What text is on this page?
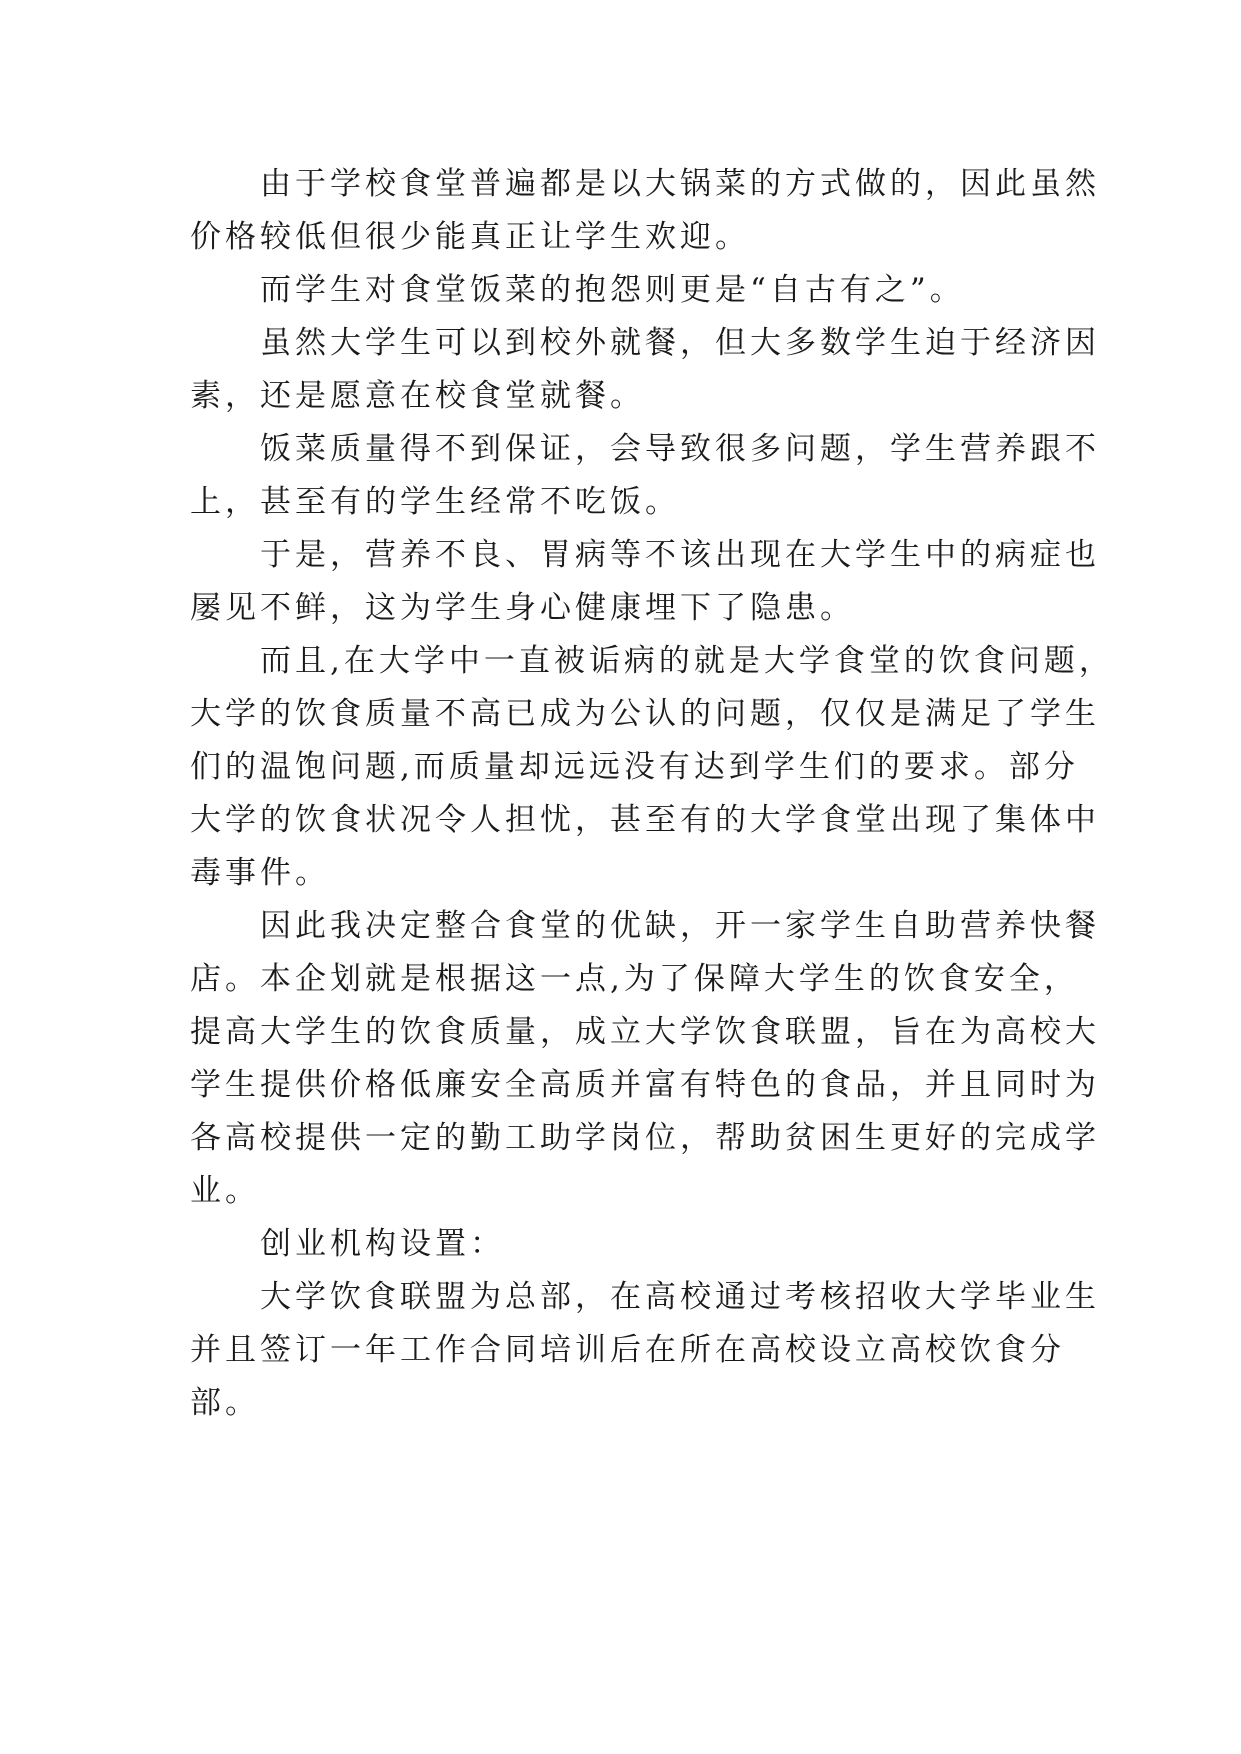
由于学校食堂普遍都是以大锅菜的方式做的，因此虽然
价格较低但很少能真正让学生欢迎。
而学生对食堂饭菜的抱怨则更是“自古有之”。
虽然大学生可以到校外就餐，但大多数学生迫于经济因
素，还是愿意在校食堂就餐。
饭菜质量得不到保证，会导致很多问题，学生营养跟不
上，甚至有的学生经常不吃饭。
于是，营养不良、胃病等不该出现在大学生中的病症也
屡见不鲜，这为学生身心健康埋下了隐患。
而且,在大学中一直被诟病的就是大学食堂的饮食问题，
大学的饮食质量不高已成为公认的问题，仅仅是满足了学生
们的温饱问题,而质量却远远没有达到学生们的要求。部分
大学的饮食状况令人担忧，甚至有的大学食堂出现了集体中
毒事件。
因此我决定整合食堂的优缺，开一家学生自助营养快餐
店。本企划就是根据这一点,为了保障大学生的饮食安全，
提高大学生的饮食质量，成立大学饮食联盟，旨在为高校大
学生提供价格低廉安全高质并富有特色的食品，并且同时为
各高校提供一定的勤工助学岗位，帮助贫困生更好的完成学
业。
创业机构设置：
大学饮食联盟为总部，在高校通过考核招收大学毕业生
并且签订一年工作合同培训后在所在高校设立高校饮食分
部。
